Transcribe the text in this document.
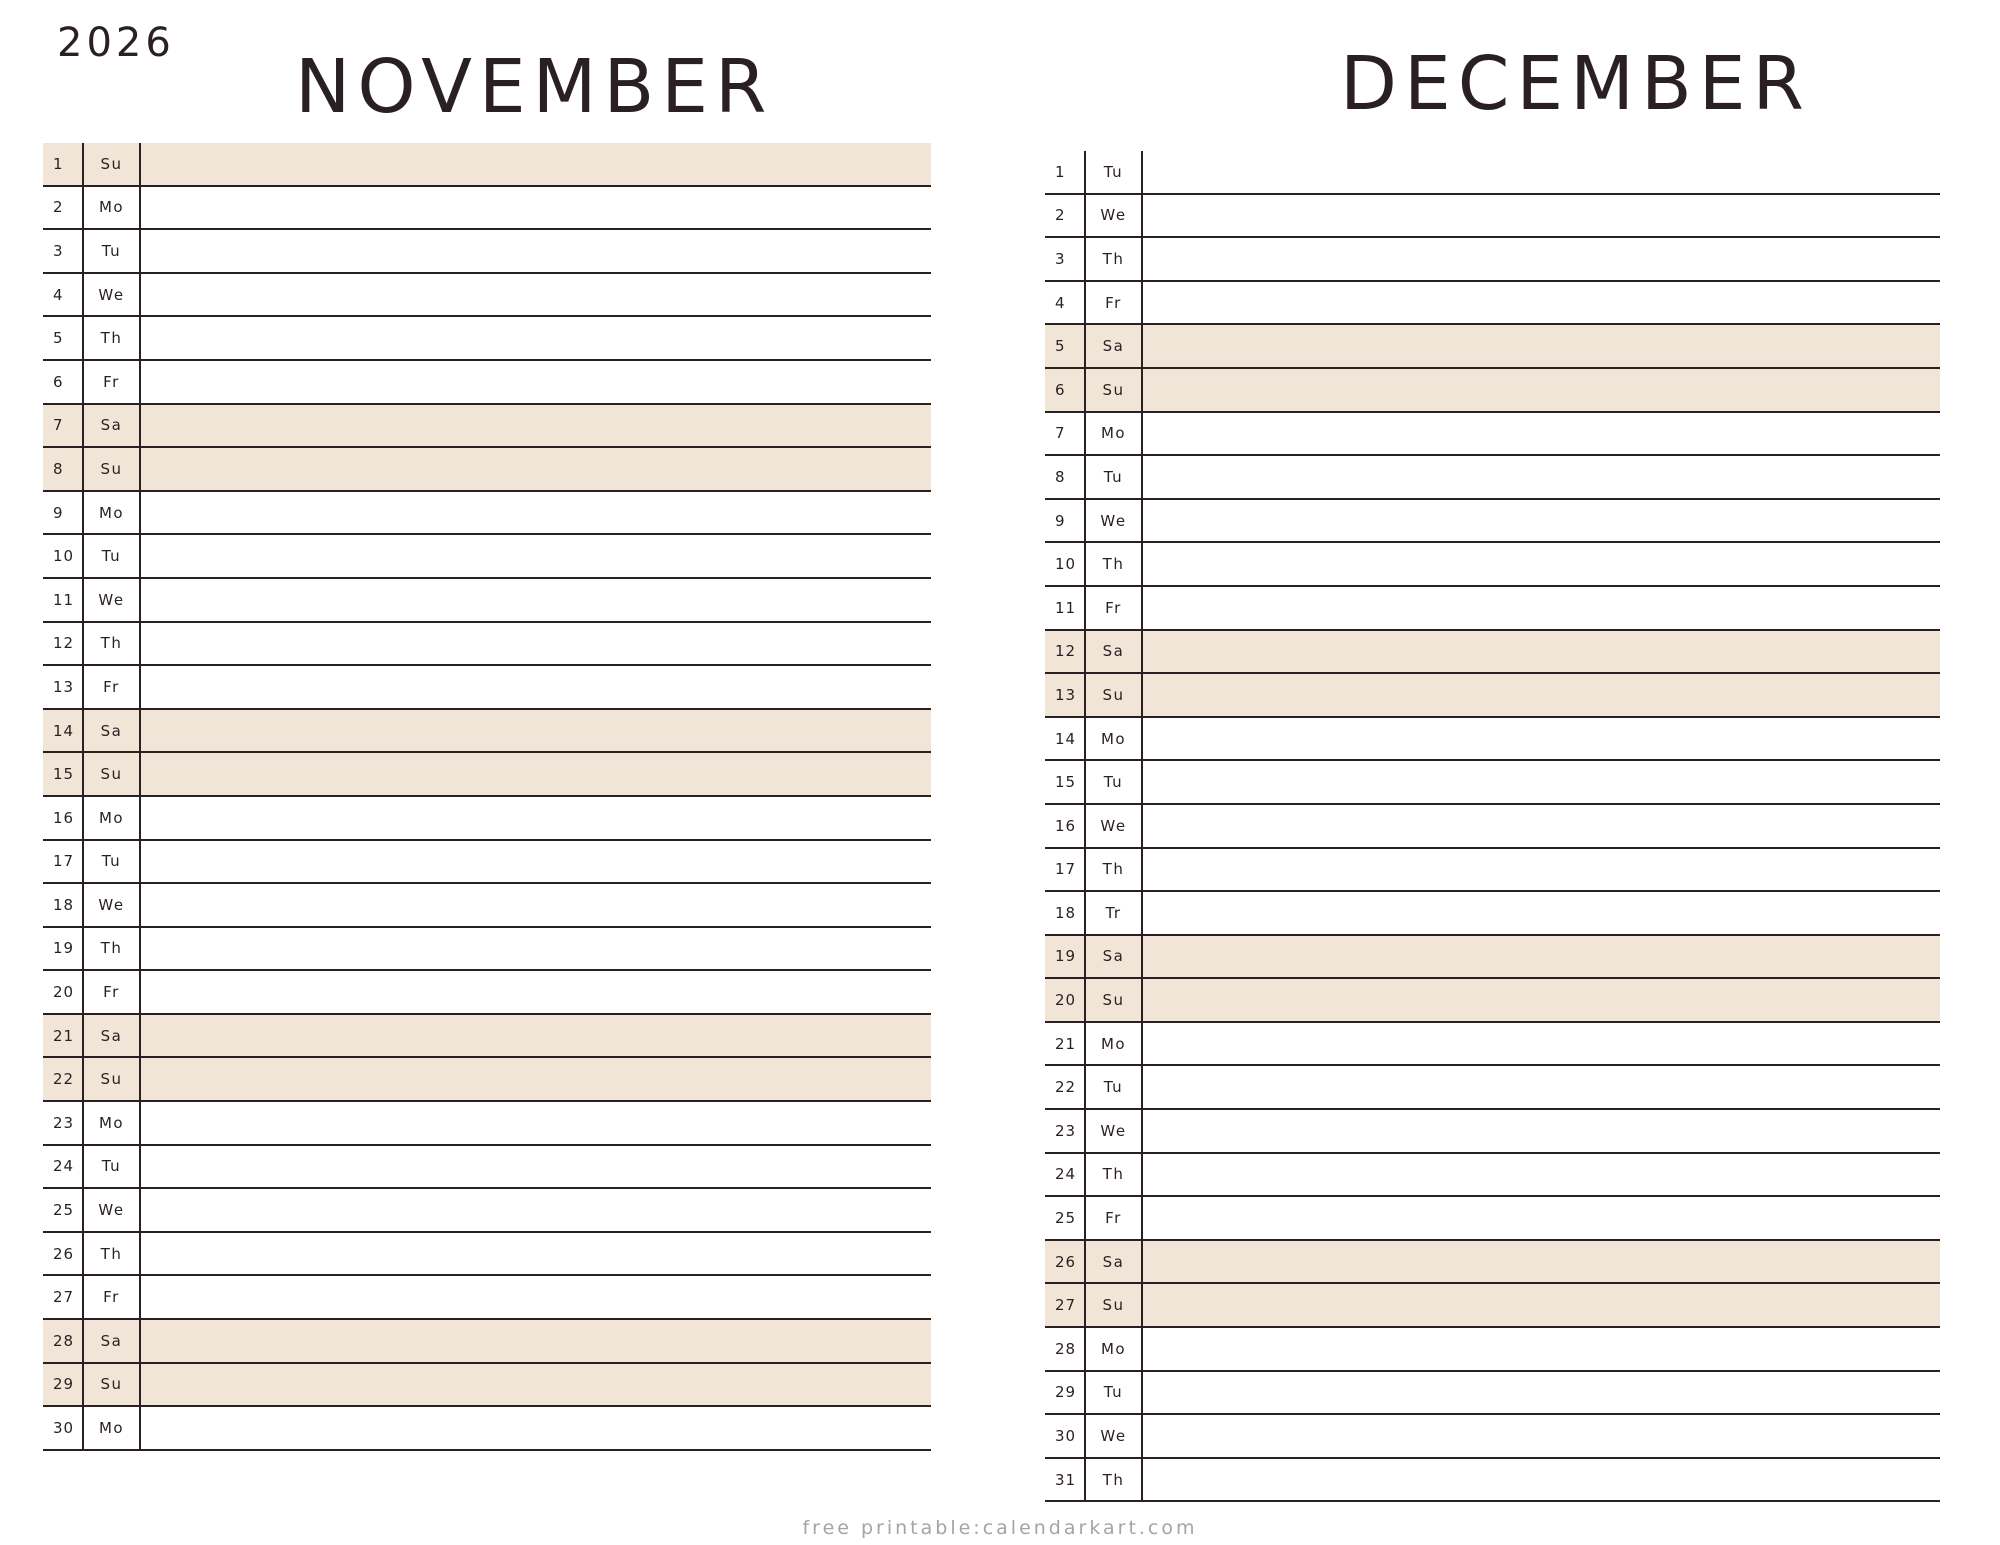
2026
NOVEMBER	DECEMBER
1	Su
2	Mo
3	Tu
4	We
5	Th
6	Fr
7	Sa
8	Su
9	Mo
10	Tu
11	We
12	Th
13	Fr
14	Sa
15	Su
16	Mo
17	Tu
18	We
19	Th
20	Fr
21	Sa
22	Su
23	Mo
24	Tu
25	We
26	Th
27	Fr
28	Sa
29	Su
30	Mo
1	Tu
2	We
3	Th
4	Fr
5	Sa
6	Su
7	Mo
8	Tu
9	We
10	Th
11	Fr
12	Sa
13	Su
14	Mo
15	Tu
16	We
17	Th
18	Tr
19	Sa
20	Su
21	Mo
22	Tu
23	We
24	Th
25	Fr
26	Sa
27	Su
28	Mo
29	Tu
30	We
31	Th
free printable:calendarkart.com
